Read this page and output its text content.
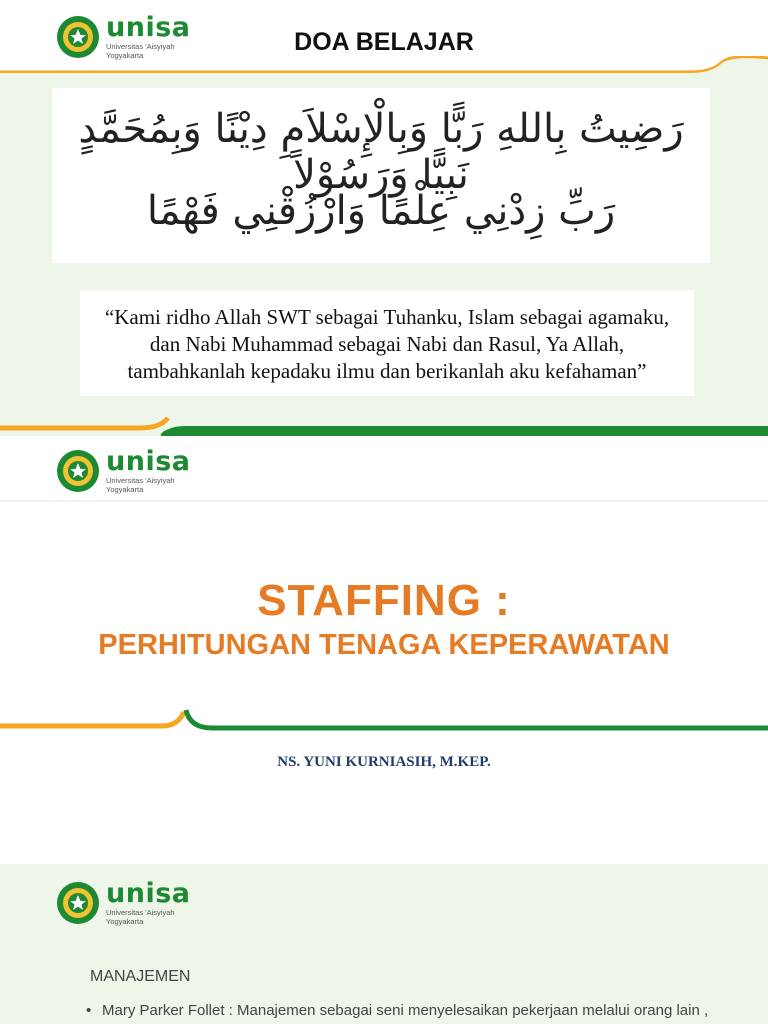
unisa
Universitas 'Aisyiyah
Yogyakarta	DOA BELAJAR
رَضِيتُ بِاللهِ رَبًّا وَبِالْإِسْلاَمِ دِيْنًا وَبِمُحَمَّدٍ نَبِيًّا وَرَسُوْلاً
رَبِّ زِدْنِي عِلْمًا وَارْزُقْنِي فَهْمًا
“Kami ridho Allah SWT sebagai Tuhanku, Islam sebagai agamaku,
dan Nabi Muhammad sebagai Nabi dan Rasul, Ya Allah,
tambahkanlah kepadaku ilmu dan berikanlah aku kefahaman”
unisa
Universitas 'Aisyiyah
Yogyakarta
STAFFING :
PERHITUNGAN TENAGA KEPERAWATAN
NS. YUNI KURNIASIH, M.KEP.
unisa
Universitas 'Aisyiyah
Yogyakarta
MANAJEMEN
• Mary Parker Follet : Manajemen sebagai seni menyelesaikan pekerjaan melalui orang lain ,
